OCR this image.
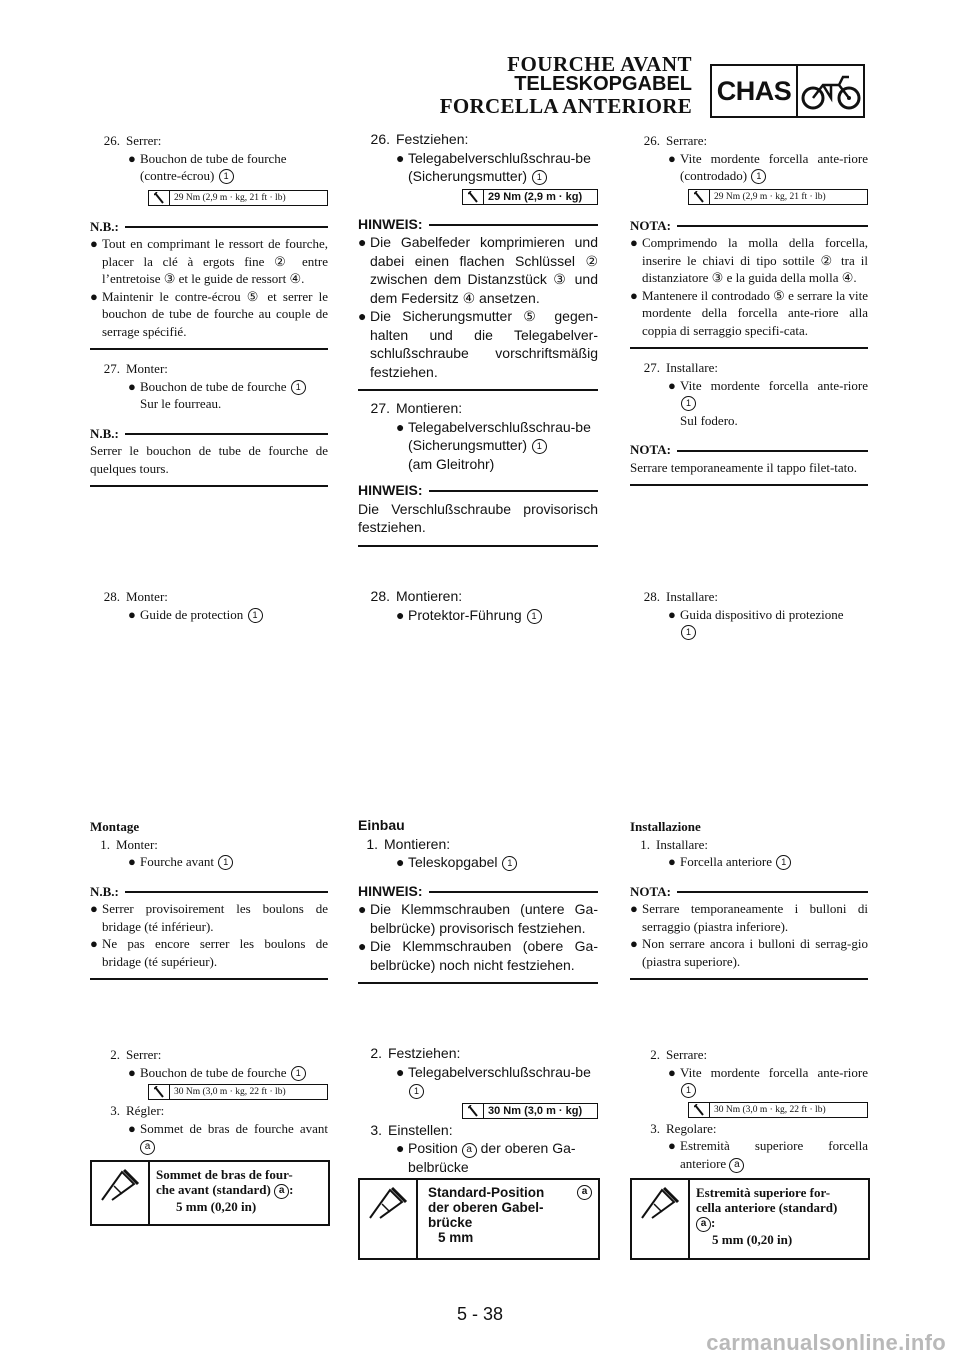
FOURCHE AVANT
TELESKOPGABEL
FORCELLA ANTERIORE
CHAS
26. Serrer:
● Bouchon de tube de fourche (contre-écrou) 1
29 Nm (2,9 m · kg, 21 ft · lb)
N.B.:
● Tout en comprimant le ressort de fourche, placer la clé à ergots fine ② entre l’entretoise ③ et le guide de ressort ④.
● Maintenir le contre-écrou ⑤ et serrer le bouchon de tube de fourche au couple de serrage spécifié.
27. Monter:
● Bouchon de tube de fourche 1
Sur le fourreau.
N.B.:
Serrer le bouchon de tube de fourche de quelques tours.
28. Monter:
● Guide de protection 1
Montage
1. Monter:
● Fourche avant 1
N.B.:
● Serrer provisoirement les boulons de bridage (té inférieur).
● Ne pas encore serrer les boulons de bridage (té supérieur).
2. Serrer:
● Bouchon de tube de fourche 1
30 Nm (3,0 m · kg, 22 ft · lb)
3. Régler:
● Sommet de bras de fourche avant a
Sommet de bras de four-
che avant (standard) a :
5 mm (0,20 in)
26. Festziehen:
● Telegabelverschlußschrau-be (Sicherungsmutter) 1
29 Nm (2,9 m · kg)
HINWEIS:
● Die Gabelfeder komprimieren und dabei einen flachen Schlüssel ② zwischen dem Distanzstück ③ und dem Federsitz ④ ansetzen.
● Die Sicherungsmutter ⑤ gegen-halten und die Telegabelver-schlußschraube vorschriftsmäßig festziehen.
27. Montieren:
● Telegabelverschlußschrau-be (Sicherungsmutter) 1
(am Gleitrohr)
HINWEIS:
Die Verschlußschraube provisorisch festziehen.
28. Montieren:
● Protektor-Führung 1
Einbau
1. Montieren:
● Teleskopgabel 1
HINWEIS:
● Die Klemmschrauben (untere Ga-belbrücke) provisorisch festziehen.
● Die Klemmschrauben (obere Ga-belbrücke) noch nicht festziehen.
2. Festziehen:
● Telegabelverschlußschrau-be 1
30 Nm (3,0 m · kg)
3. Einstellen:
● Position a der oberen Ga-belbrücke
Standard-Position	a
der oberen Gabel-
brücke
5 mm
26. Serrare:
● Vite mordente forcella ante-riore (controdado) 1
29 Nm (2,9 m · kg, 21 ft · lb)
NOTA:
● Comprimendo la molla della forcella, inserire le chiavi di tipo sottile ② tra il distanziatore ③ e la guida della molla ④.
● Mantenere il controdado ⑤ e serrare la vite mordente della forcella ante-riore alla coppia di serraggio specifi-cata.
27. Installare:
● Vite mordente forcella ante-riore 1
Sul fodero.
NOTA:
Serrare temporaneamente il tappo filet-tato.
28. Installare:
● Guida dispositivo di protezione
1
Installazione
1. Installare:
● Forcella anteriore 1
NOTA:
● Serrare temporaneamente i bulloni di serraggio (piastra inferiore).
● Non serrare ancora i bulloni di serrag-gio (piastra superiore).
2. Serrare:
● Vite mordente forcella ante-riore 1
30 Nm (3,0 m · kg, 22 ft · lb)
3. Regolare:
● Estremità superiore forcella anteriore a
Estremità superiore for-
cella anteriore (standard)
a :
5 mm (0,20 in)
5 - 38
carmanualsonline.info
